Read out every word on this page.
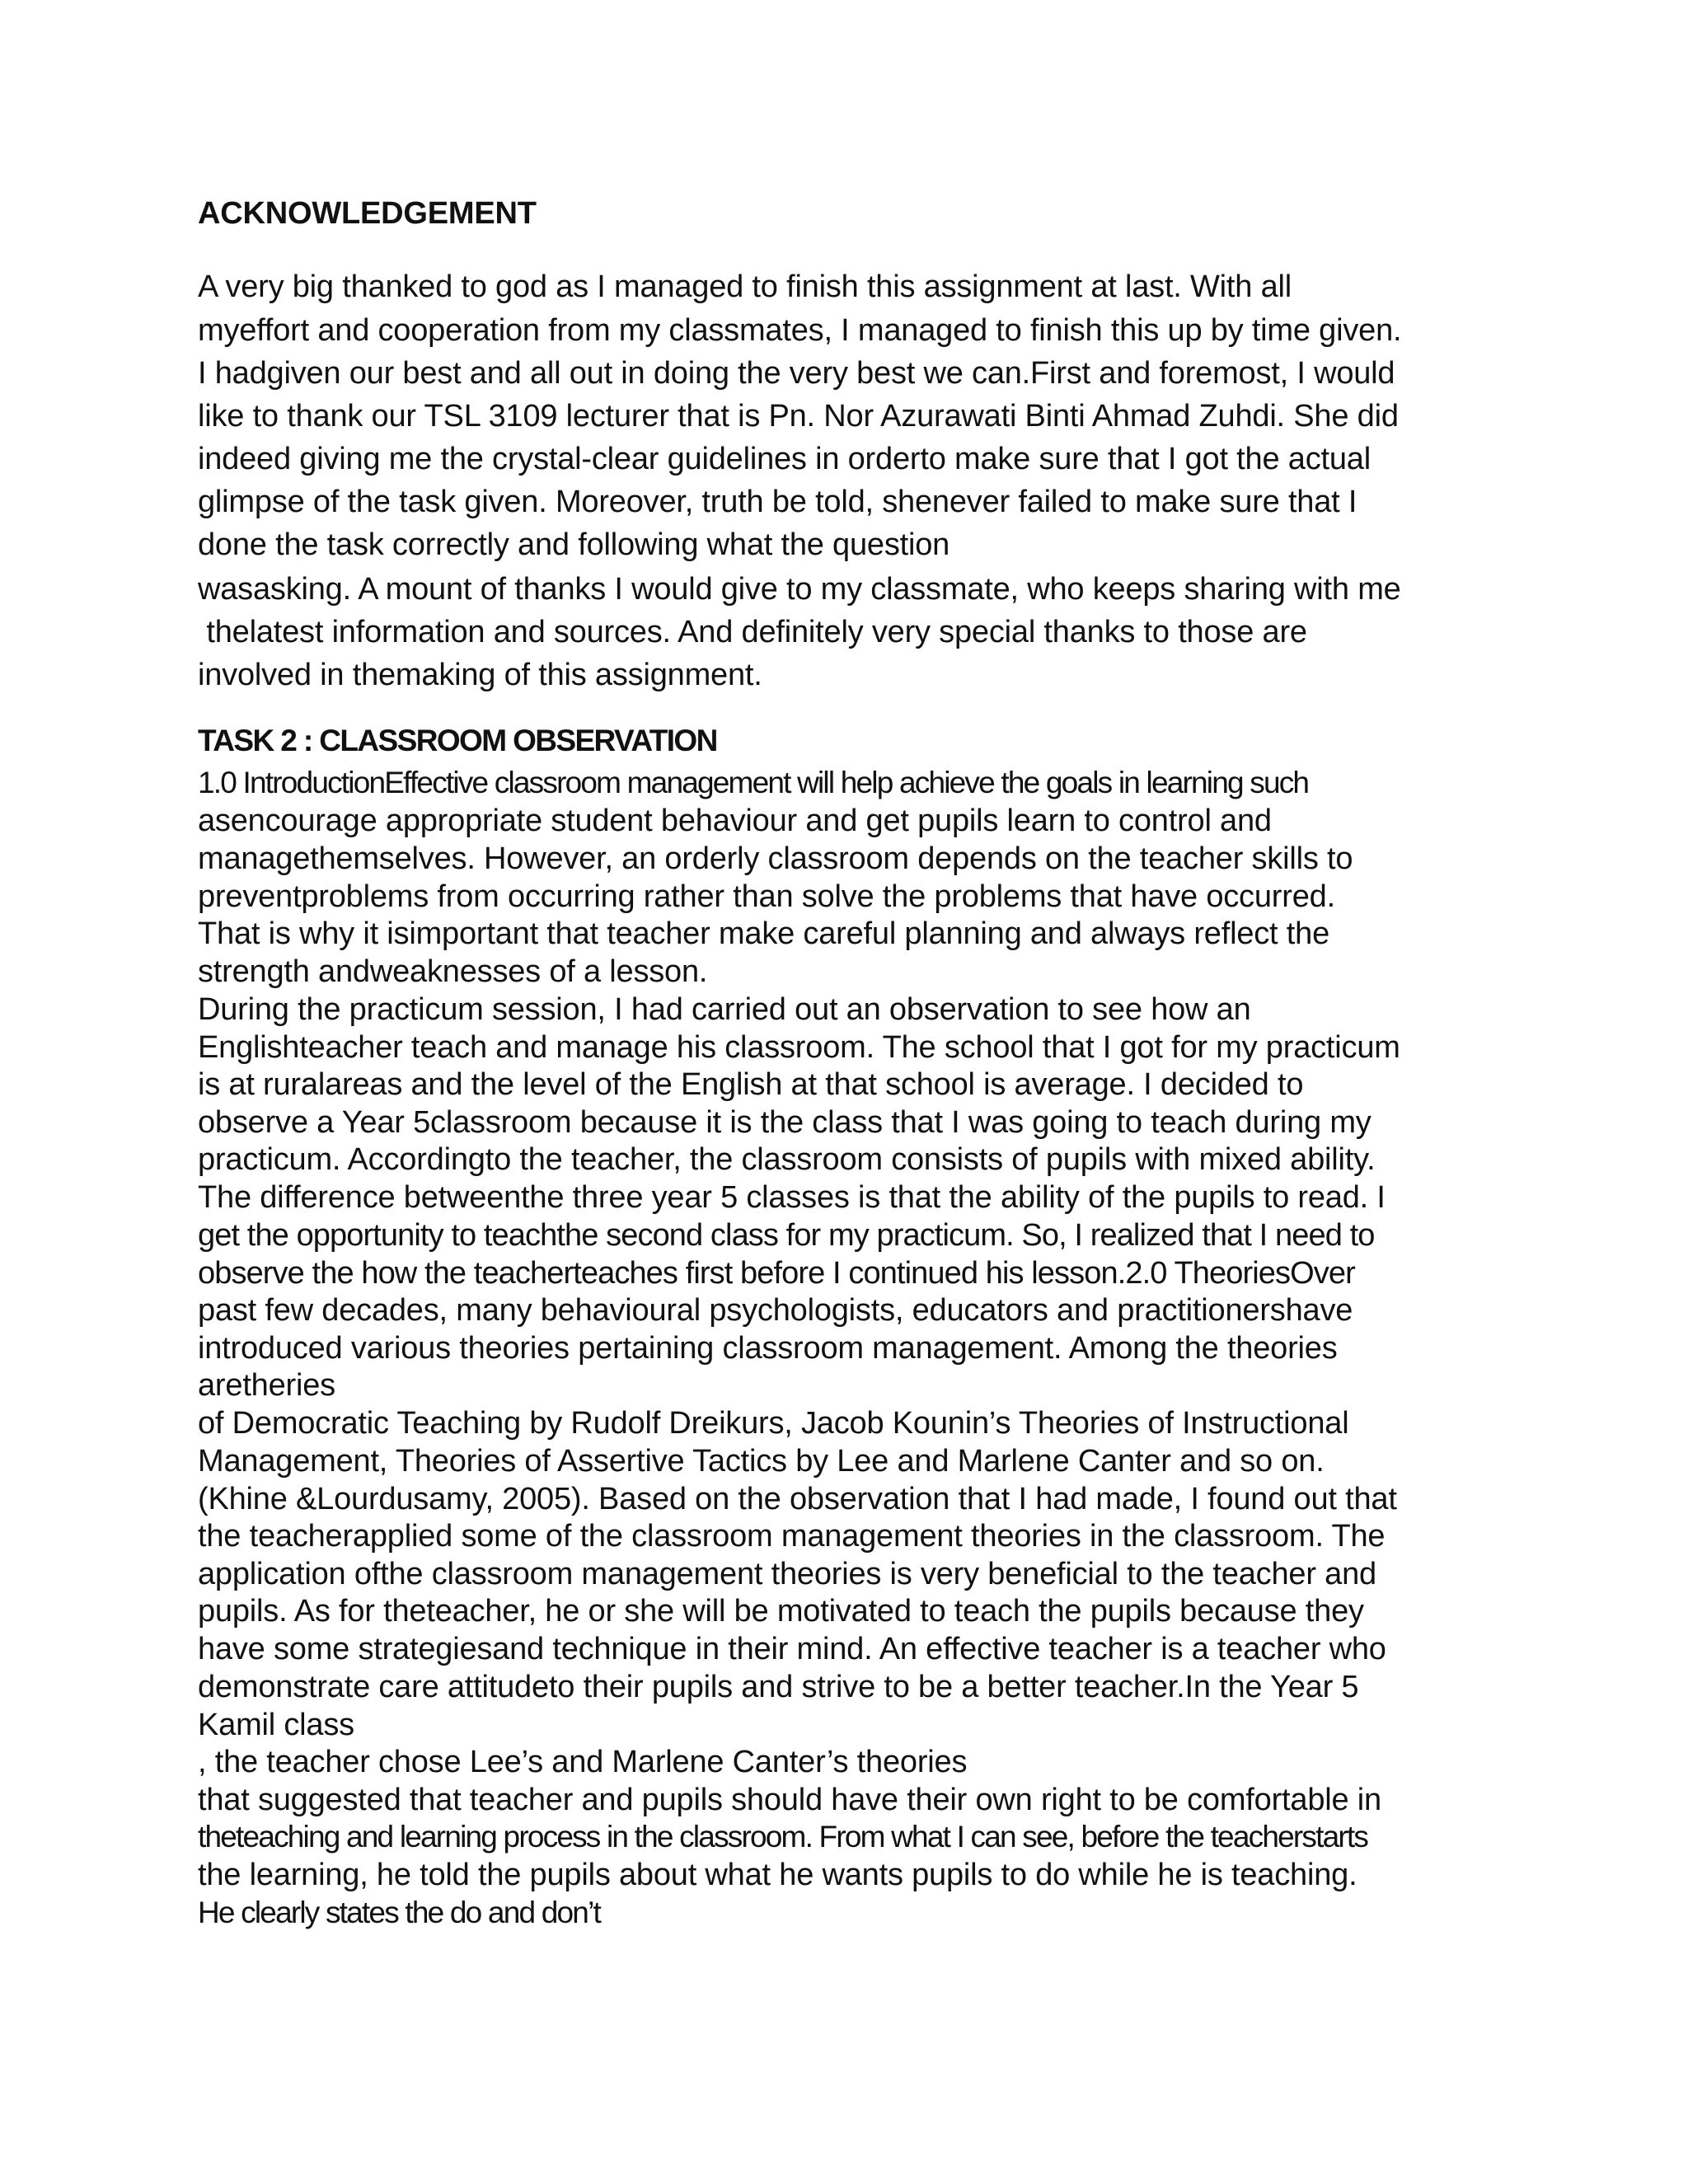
ACKNOWLEDGEMENT
A very big thanked to god as I managed to finish this assignment at last. With all
myeffort and cooperation from my classmates, I managed to finish this up by time given.
I hadgiven our best and all out in doing the very best we can.First and foremost, I would
like to thank our TSL 3109 lecturer that is Pn. Nor Azurawati Binti Ahmad Zuhdi. She did
indeed giving me the crystal-clear guidelines in orderto make sure that I got the actual
glimpse of the task given. Moreover, truth be told, shenever failed to make sure that I
done the task correctly and following what the question
wasasking. A mount of thanks I would give to my classmate, who keeps sharing with me
thelatest information and sources. And definitely very special thanks to those are
involved in themaking of this assignment.
TASK 2 : CLASSROOM OBSERVATION
1.0 IntroductionEffective classroom management will help achieve the goals in learning such
asencourage appropriate student behaviour and get pupils learn to control and
managethemselves. However, an orderly classroom depends on the teacher skills to
preventproblems from occurring rather than solve the problems that have occurred.
That is why it isimportant that teacher make careful planning and always reflect the
strength andweaknesses of a lesson.
During the practicum session, I had carried out an observation to see how an
Englishteacher teach and manage his classroom. The school that I got for my practicum
is at ruralareas and the level of the English at that school is average. I decided to
observe a Year 5classroom because it is the class that I was going to teach during my
practicum. Accordingto the teacher, the classroom consists of pupils with mixed ability.
The difference betweenthe three year 5 classes is that the ability of the pupils to read. I
get the opportunity to teachthe second class for my practicum. So, I realized that I need to
observe the how the teacherteaches first before I continued his lesson.2.0 TheoriesOver
past few decades, many behavioural psychologists, educators and practitionershave
introduced various theories pertaining classroom management. Among the theories
aretheries
of Democratic Teaching by Rudolf Dreikurs, Jacob Kounin’s Theories of Instructional
Management, Theories of Assertive Tactics by Lee and Marlene Canter and so on.
(Khine &Lourdusamy, 2005). Based on the observation that I had made, I found out that
the teacherapplied some of the classroom management theories in the classroom. The
application ofthe classroom management theories is very beneficial to the teacher and
pupils. As for theteacher, he or she will be motivated to teach the pupils because they
have some strategiesand technique in their mind. An effective teacher is a teacher who
demonstrate care attitudeto their pupils and strive to be a better teacher.In the Year 5
Kamil class
, the teacher chose Lee’s and Marlene Canter’s theories
that suggested that teacher and pupils should have their own right to be comfortable in
theteaching and learning process in the classroom. From what I can see, before the teacherstarts
the learning, he told the pupils about what he wants pupils to do while he is teaching.
He clearly states the do and don’t
